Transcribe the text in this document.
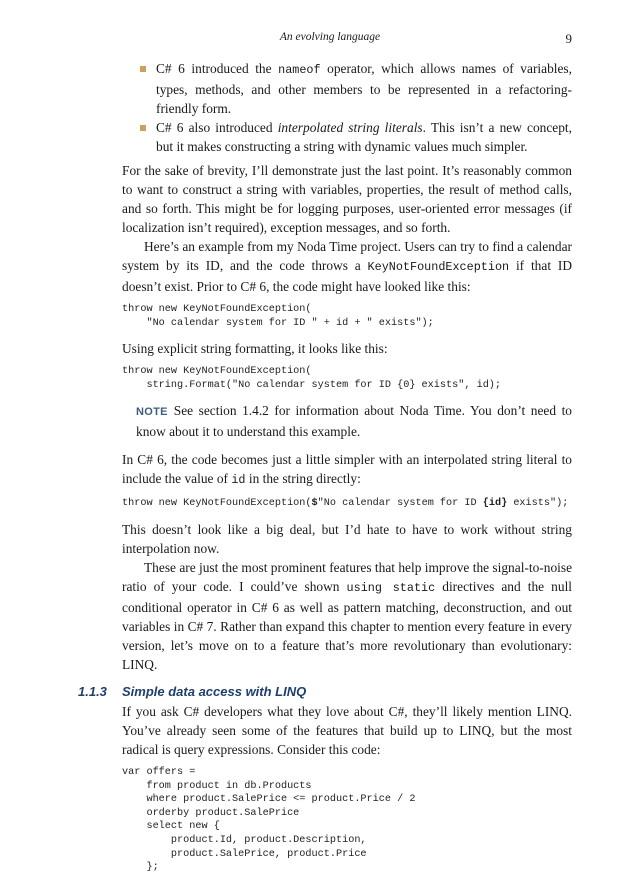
An evolving language	9
C# 6 introduced the nameof operator, which allows names of variables, types, methods, and other members to be represented in a refactoring-friendly form.
C# 6 also introduced interpolated string literals. This isn’t a new concept, but it makes constructing a string with dynamic values much simpler.

For the sake of brevity, I’ll demonstrate just the last point. It’s reasonably common to want to construct a string with variables, properties, the result of method calls, and so forth. This might be for logging purposes, user-oriented error messages (if localization isn’t required), exception messages, and so forth.

Here’s an example from my Noda Time project. Users can try to find a calendar system by its ID, and the code throws a KeyNotFoundException if that ID doesn’t exist. Prior to C# 6, the code might have looked like this:

throw new KeyNotFoundException(
"No calendar system for ID " + id + " exists");

Using explicit string formatting, it looks like this:

throw new KeyNotFoundException(
string.Format("No calendar system for ID {0} exists", id);

NOTE See section 1.4.2 for information about Noda Time. You don’t need to know about it to understand this example.

In C# 6, the code becomes just a little simpler with an interpolated string literal to include the value of id in the string directly:

throw new KeyNotFoundException($"No calendar system for ID {id} exists");

This doesn’t look like a big deal, but I’d hate to have to work without string interpolation now.

These are just the most prominent features that help improve the signal-to-noise ratio of your code. I could’ve shown using static directives and the null conditional operator in C# 6 as well as pattern matching, deconstruction, and out variables in C# 7. Rather than expand this chapter to mention every feature in every version, let’s move on to a feature that’s more revolutionary than evolutionary: LINQ.

1.1.3 Simple data access with LINQ

If you ask C# developers what they love about C#, they’ll likely mention LINQ. You’ve already seen some of the features that build up to LINQ, but the most radical is query expressions. Consider this code:

var offers =
from product in db.Products
where product.SalePrice <= product.Price / 2
orderby product.SalePrice
select new {
product.Id, product.Description,
product.SalePrice, product.Price
};
